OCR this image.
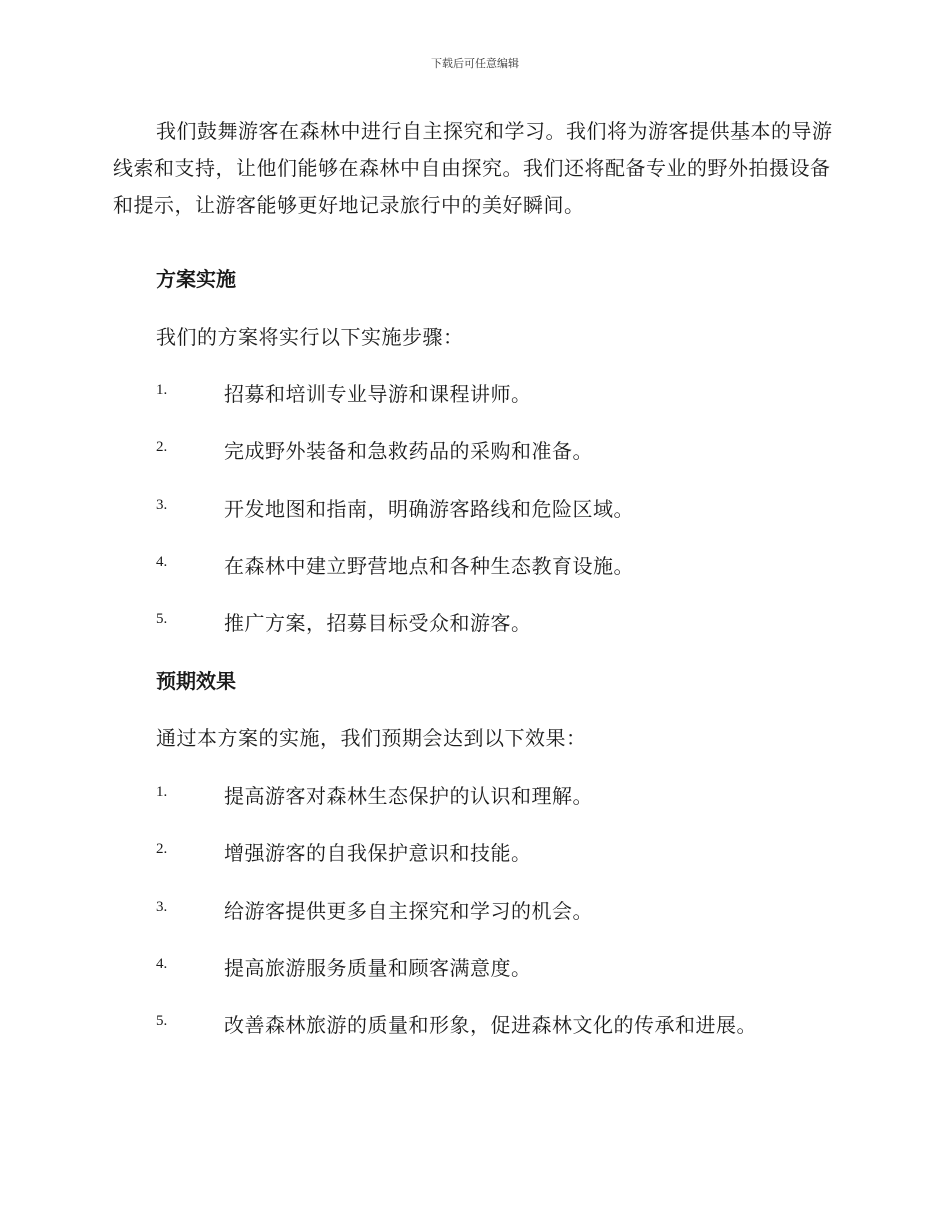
下载后可任意编辑

我们鼓舞游客在森林中进行自主探究和学习。我们将为游客提供基本的导游线索和支持，让他们能够在森林中自由探究。我们还将配备专业的野外拍摄设备和提示，让游客能够更好地记录旅行中的美好瞬间。

方案实施

我们的方案将实行以下实施步骤：

1.	招募和培训专业导游和课程讲师。
2.	完成野外装备和急救药品的采购和准备。
3.	开发地图和指南，明确游客路线和危险区域。
4.	在森林中建立野营地点和各种生态教育设施。
5.	推广方案，招募目标受众和游客。
预期效果

通过本方案的实施，我们预期会达到以下效果：

1.	提高游客对森林生态保护的认识和理解。
2.	增强游客的自我保护意识和技能。
3.	给游客提供更多自主探究和学习的机会。
4.	提高旅游服务质量和顾客满意度。
5.	改善森林旅游的质量和形象，促进森林文化的传承和进展。
